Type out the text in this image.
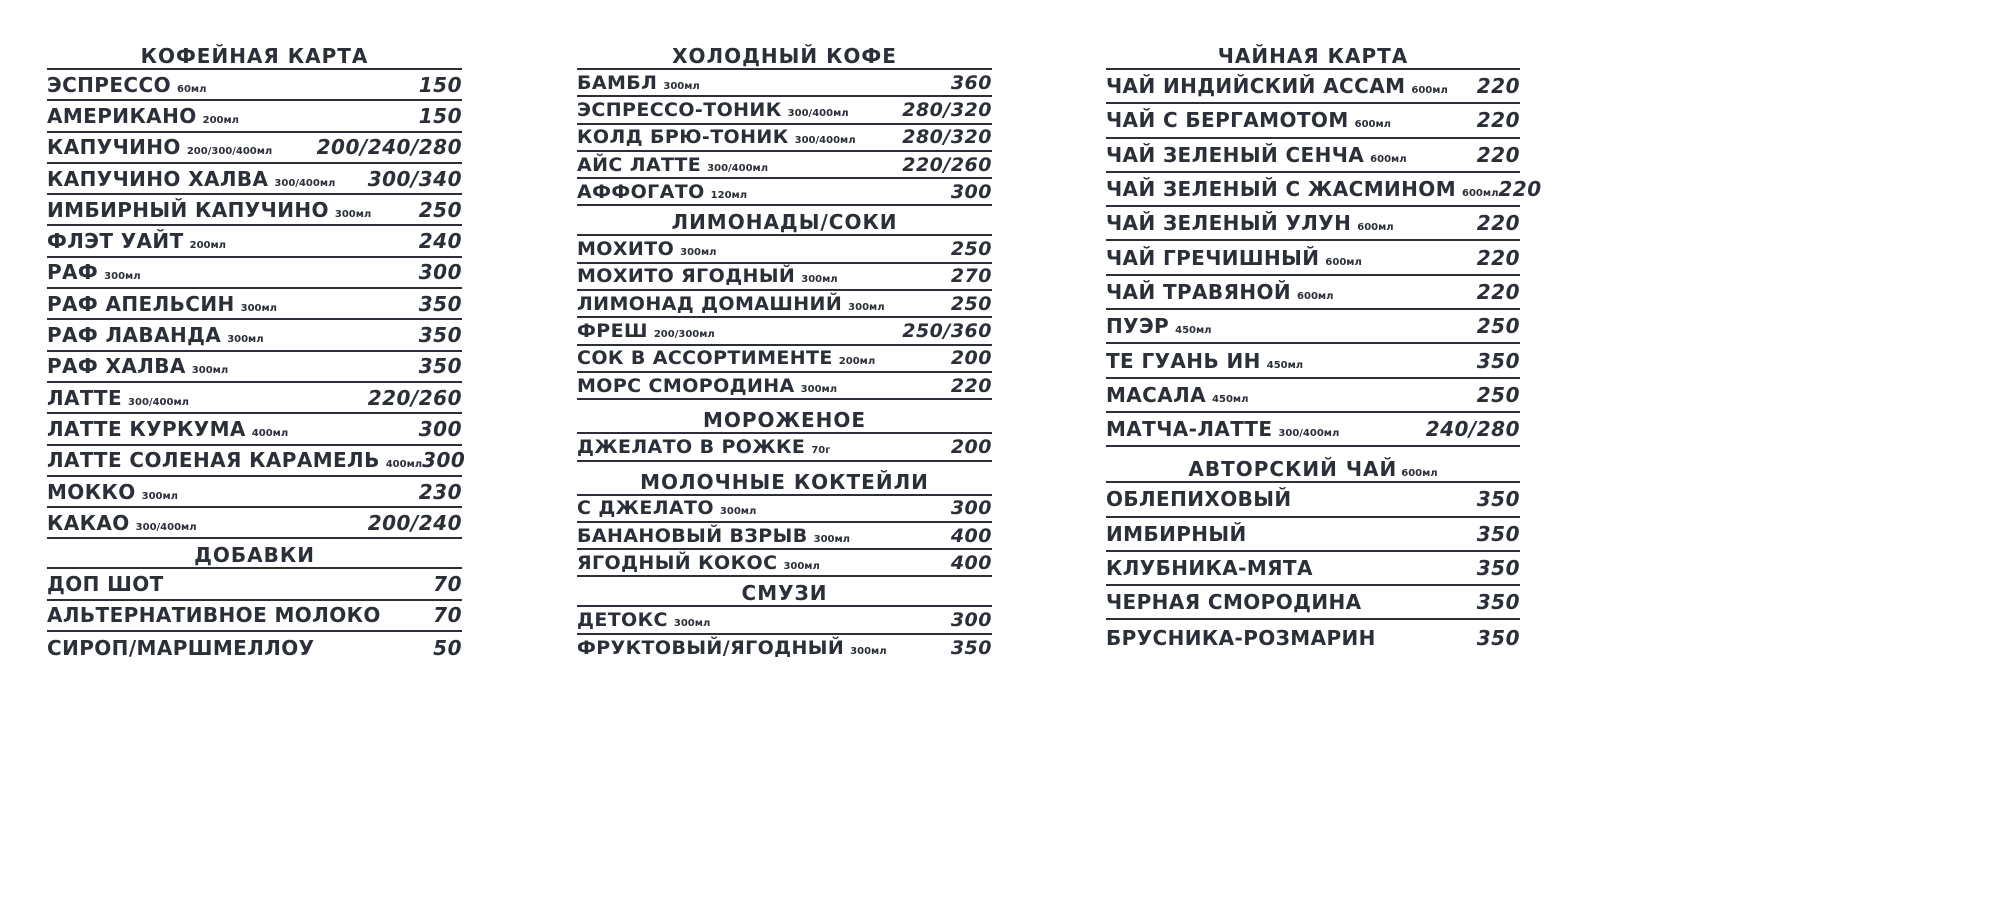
КОФЕЙНАЯ КАРТА
ЭСПРЕССО 60мл	150
АМЕРИКАНО 200мл	150
КАПУЧИНО 200/300/400мл 200/240/280
КАПУЧИНО ХАЛВА 300/400мл 300/340
ИМБИРНЫЙ КАПУЧИНО 300мл 250
ФЛЭТ УАЙТ 200мл	240
РАФ 300мл	300
РАФ АПЕЛЬСИН 300мл	350
РАФ ЛАВАНДА 300мл	350
РАФ ХАЛВА 300мл	350
ЛАТТЕ 300/400мл	220/260
ЛАТТЕ КУРКУМА 400мл	300
ЛАТТЕ СОЛЕНАЯ КАРАМЕЛЬ 400мл 300
МОККО 300мл	230
КАКАО 300/400мл	200/240
ДОБАВКИ
ДОП ШОТ	70
АЛЬТЕРНАТИВНОЕ МОЛОКО	70
СИРОП/МАРШМЕЛЛОУ	50
ХОЛОДНЫЙ КОФЕ
БАМБЛ 300мл	360
ЭСПРЕССО-ТОНИК 300/400мл	280/320
КОЛД БРЮ-ТОНИК 300/400мл 280/320
АЙС ЛАТТЕ 300/400мл	220/260
АФФОГАТО 120мл	300
ЛИМОНАДЫ/СОКИ
МОХИТО 300мл	250
МОХИТО ЯГОДНЫЙ 300мл	270
ЛИМОНАД ДОМАШНИЙ 300мл	250
ФРЕШ 200/300мл	250/360
СОК В АССОРТИМЕНТЕ 200мл	200
МОРС СМОРОДИНА 300мл	220
МОРОЖЕНОЕ
ДЖЕЛАТО В РОЖКЕ 70г	200
МОЛОЧНЫЕ КОКТЕЙЛИ
С ДЖЕЛАТО 300мл	300
БАНАНОВЫЙ ВЗРЫВ 300мл	400
ЯГОДНЫЙ КОКОС 300мл	400
СМУЗИ
ДЕТОКС 300мл	300
ФРУКТОВЫЙ/ЯГОДНЫЙ 300мл	350
ЧАЙНАЯ КАРТА
ЧАЙ ИНДИЙСКИЙ АССАМ 600мл 220
ЧАЙ С БЕРГАМОТОМ 600мл	220
ЧАЙ ЗЕЛЕНЫЙ СЕНЧА 600мл	220
ЧАЙ ЗЕЛЕНЫЙ С ЖАСМИНОМ 600мл 220
ЧАЙ ЗЕЛЕНЫЙ УЛУН 600мл	220
ЧАЙ ГРЕЧИШНЫЙ 600мл	220
ЧАЙ ТРАВЯНОЙ 600мл	220
ПУЭР 450мл	250
ТЕ ГУАНЬ ИН 450мл	350
МАСАЛА 450мл	250
МАТЧА-ЛАТТЕ 300/400мл	240/280
АВТОРСКИЙ ЧАЙ 600мл
ОБЛЕПИХОВЫЙ	350
ИМБИРНЫЙ	350
КЛУБНИКА-МЯТА	350
ЧЕРНАЯ СМОРОДИНА	350
БРУСНИКА-РОЗМАРИН	350
